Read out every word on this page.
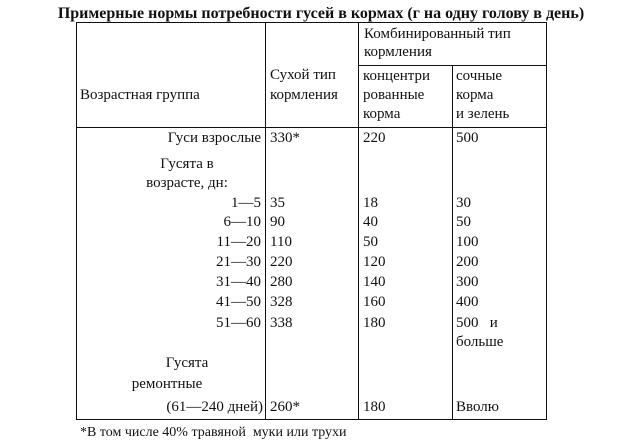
Примерные нормы потребности гусей в кормах (г на одну голову в день)
Возрастная группа
Сухой тип
кормления
Комбинированный тип
кормления
концентри
рованные
корма
сочные
корма
и зелень
Гуси взрослые 330*	220	500
Гусята в
возрасте, дн:
1—5 35	18	30
6—10 90	40	50
11—20 110	50	100
21—30 220	120	200
31—40 280	140	300
41—50 328	160	400
51—60 338	180	500   и
больше
Гусята
ремонтные
(61—240 дней) 260*	180	Вволю
*В том числе 40% травяной  муки или трухи
